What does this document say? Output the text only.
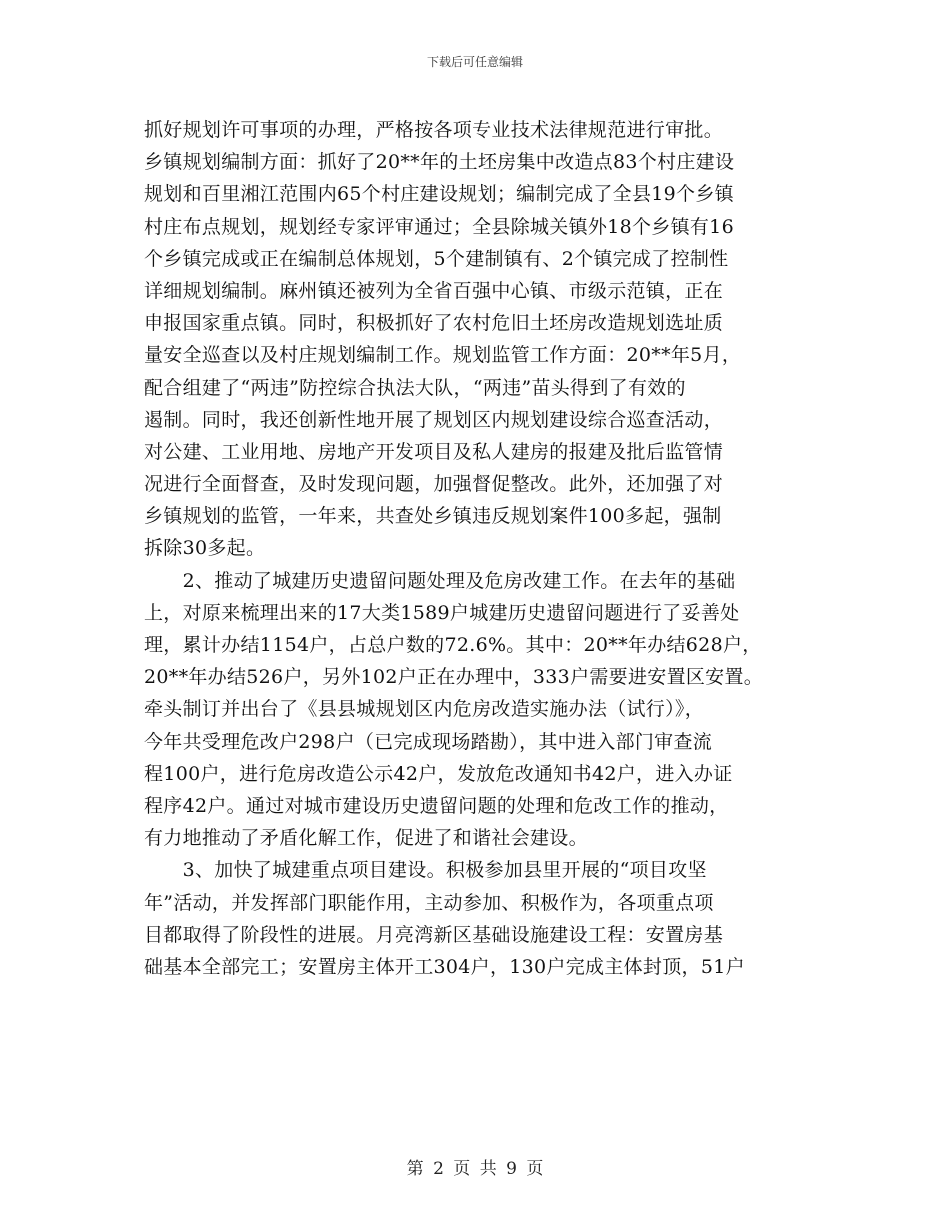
下载后可任意编辑
抓好规划许可事项的办理，严格按各项专业技术法律规范进行审批。
乡镇规划编制方面：抓好了20**年的土坯房集中改造点83个村庄建设
规划和百里湘江范围内65个村庄建设规划；编制完成了全县19个乡镇
村庄布点规划，规划经专家评审通过；全县除城关镇外18个乡镇有16
个乡镇完成或正在编制总体规划，5个建制镇有、2个镇完成了控制性
详细规划编制。麻州镇还被列为全省百强中心镇、市级示范镇，正在
申报国家重点镇。同时，积极抓好了农村危旧土坯房改造规划选址质
量安全巡查以及村庄规划编制工作。规划监管工作方面：20**年5月，
配合组建了“两违”防控综合执法大队，“两违”苗头得到了有效的
遏制。同时，我还创新性地开展了规划区内规划建设综合巡查活动，
对公建、工业用地、房地产开发项目及私人建房的报建及批后监管情
况进行全面督查，及时发现问题，加强督促整改。此外，还加强了对
乡镇规划的监管，一年来，共查处乡镇违反规划案件100多起，强制
拆除30多起。
　　2、推动了城建历史遗留问题处理及危房改建工作。在去年的基础
上，对原来梳理出来的17大类1589户城建历史遗留问题进行了妥善处
理，累计办结1154户，占总户数的72.6%。其中：20**年办结628户，
20**年办结526户，另外102户正在办理中，333户需要进安置区安置。
牵头制订并出台了《县县城规划区内危房改造实施办法（试行）》，
今年共受理危改户298户（已完成现场踏勘），其中进入部门审查流
程100户，进行危房改造公示42户，发放危改通知书42户，进入办证
程序42户。通过对城市建设历史遗留问题的处理和危改工作的推动，
有力地推动了矛盾化解工作，促进了和谐社会建设。
　　3、加快了城建重点项目建设。积极参加县里开展的“项目攻坚
年”活动，并发挥部门职能作用，主动参加、积极作为，各项重点项
目都取得了阶段性的进展。月亮湾新区基础设施建设工程：安置房基
础基本全部完工；安置房主体开工304户，130户完成主体封顶，51户
第 2 页 共 9 页
